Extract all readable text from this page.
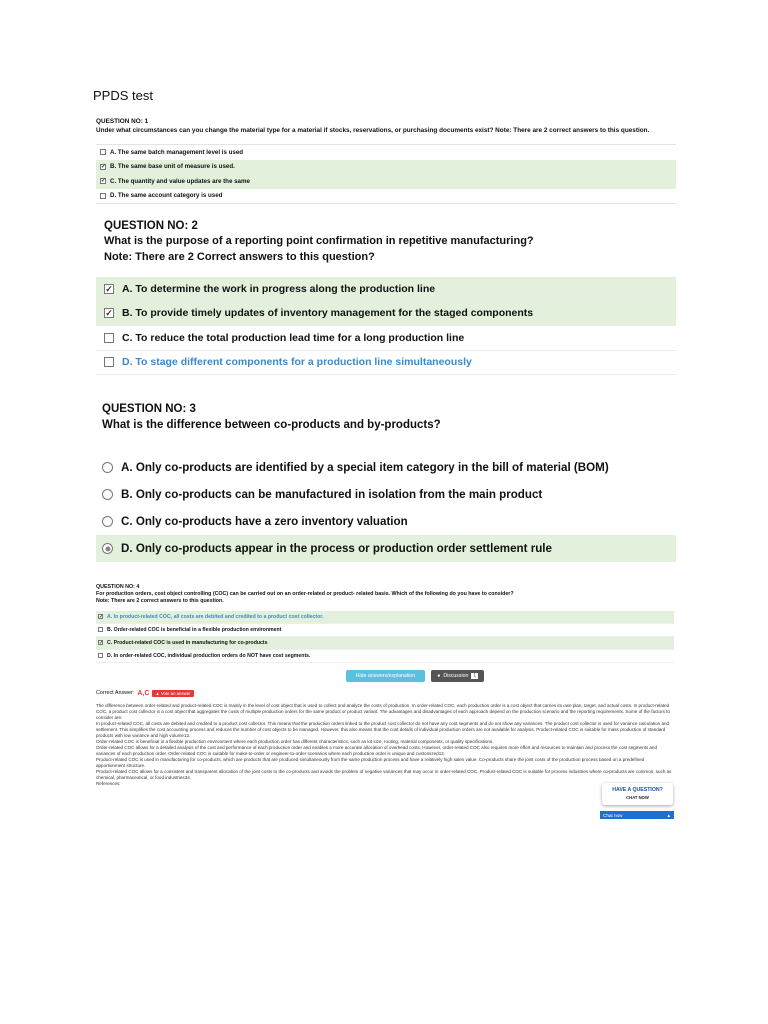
PPDS test
QUESTION NO: 1
Under what circumstances can you change the material type for a material if stocks, reservations, or purchasing documents exist? Note: There are 2 correct answers to this question.
A. The same batch management level is used
✓
B. The same base unit of measure is used.
✓
C. The quantity and value updates are the same
D. The same account category is used
QUESTION NO: 2
What is the purpose of a reporting point confirmation in repetitive manufacturing?
Note: There are 2 Correct answers to this question?
✓
A. To determine the work in progress along the production line
✓
B. To provide timely updates of inventory management for the staged components
C. To reduce the total production lead time for a long production line
D. To stage different components for a production line simultaneously
QUESTION NO: 3
What is the difference between co-products and by-products?
A. Only co-products are identified by a special item category in the bill of material (BOM)
B. Only co-products can be manufactured in isolation from the main product
C. Only co-products have a zero inventory valuation
D. Only co-products appear in the process or production order settlement rule
QUESTION NO: 4
For production orders, cost object controlling (COC) can be carried out on an order-related or product- related basis. Which of the following do you have to consider?
Note: There are 2 correct answers to this question.
✓
A. In product-related COC, all costs are debited and credited to a product cost collector.
B. Order-related COC is beneficial in a flexible production environment
✓
C. Product-related COC is used in manufacturing for co-products
D. In order-related COC, individual production orders do NOT have cost segments.
Hide answers/explanation	● Discussion	1
Correct Answer: A,C	▲ Vote an answer

The difference between order-related and product-related COC is mainly in the level of cost object that is used to collect and analyze the costs of production. In order-related COC, each production order is a cost object that carries its own plan, target, and actual costs. In product-related COC, a product cost collector is a cost object that aggregates the costs of multiple production orders for the same product or product variant. The advantages and disadvantages of each approach depend on the production scenario and the reporting requirements. Some of the factors to consider are:

In product-related COC, all costs are debited and credited to a product cost collector. This means that the production orders linked to the product cost collector do not have any cost segments and do not show any variances. The product cost collector is used for variance calculation and settlement. This simplifies the cost accounting process and reduces the number of cost objects to be managed. However, this also means that the cost details of individual production orders are not available for analysis. Product-related COC is suitable for mass production of standard products with low variance and high volume12.

Order-related COC is beneficial in a flexible production environment where each production order has different characteristics, such as lot size, routing, material components, or quality specifications.

Order-related COC allows for a detailed analysis of the cost and performance of each production order and enables a more accurate allocation of overhead costs. However, order-related COC also requires more effort and resources to maintain and process the cost segments and variances of each production order. Order-related COC is suitable for make-to-order or engineer-to-order scenarios where each production order is unique and customized12.

Product-related COC is used in manufacturing for co-products, which are products that are produced simultaneously from the same production process and have a relatively high sales value. Co-products share the joint costs of the production process based on a predefined apportionment structure.

Product-related COC allows for a consistent and transparent allocation of the joint costs to the co-products and avoids the problem of negative variances that may occur in order-related COC. Product-related COC is suitable for process industries where co-products are common, such as chemical, pharmaceutical, or food industries34.

References:

HAVE A QUESTION?
CHAT NOW
Chat now	▲
